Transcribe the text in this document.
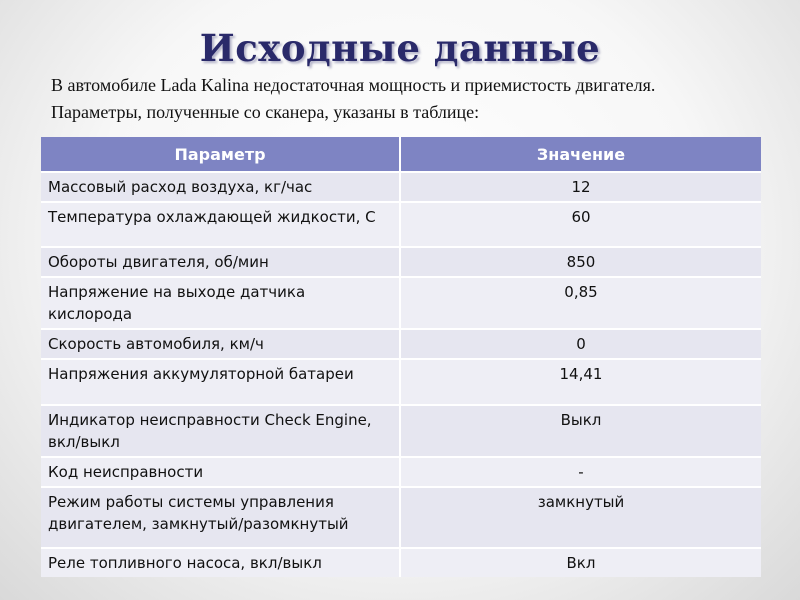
Исходные данные

В автомобиле Lada Kalina недостаточная мощность и приемистость двигателя.

Параметры, полученные со сканера, указаны в таблице:

Параметр	Значение
Массовый расход воздуха, кг/час	12
Температура охлаждающей жидкости, С	60
Обороты двигателя, об/мин	850
Напряжение на выходе датчика кислорода	0,85
Скорость автомобиля, км/ч	0
Напряжения аккумуляторной батареи	14,41
Индикатор неисправности Check Engine, вкл/выкл	Выкл
Код неисправности	-
Режим работы системы управления двигателем, замкнутый/разомкнутый	замкнутый
Реле топливного насоса, вкл/выкл	Вкл
